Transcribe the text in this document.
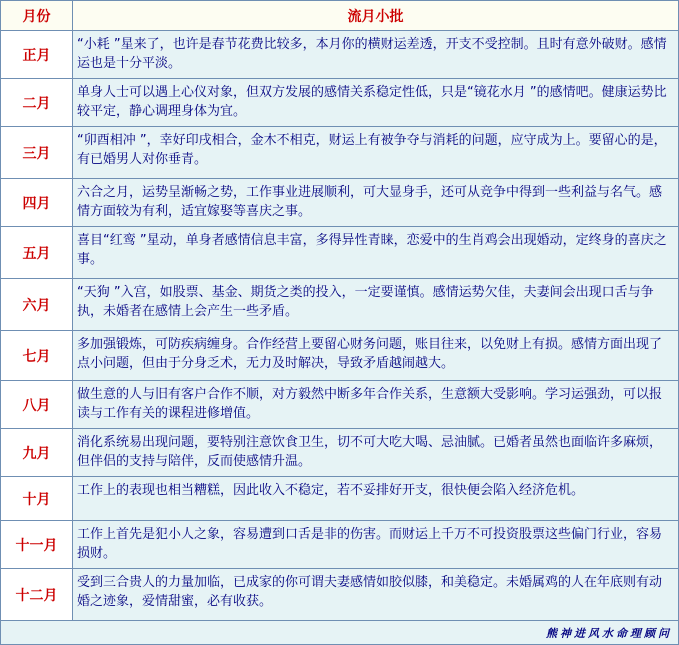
月份	流月小批
正月
“小耗 ”星来了，也许是春节花费比较多，本月你的横财运差透，开支不受控制。且时有意外破财。感情运也是十分平淡。
二月
单身人士可以遇上心仪对象，但双方发展的感情关系稳定性低，只是“镜花水月 ”的感情吧。健康运势比较平定，静心调理身体为宜。
三月
“卯酉相冲 ”，幸好印戌相合，金木不相克，财运上有被争夺与消耗的问题，应守成为上。要留心的是，有已婚男人对你垂青。
四月
六合之月，运势呈渐畅之势，工作事业进展顺利，可大显身手，还可从竞争中得到一些利益与名气。感情方面较为有利，适宜嫁娶等喜庆之事。
五月
喜目“红鸾 ”星动，单身者感情信息丰富，多得异性青睐，恋爱中的生肖鸡会出现婚动，定终身的喜庆之事。
六月
“天狗 ”入宫，如股票、基金、期货之类的投入，一定要谨慎。感情运势欠佳，夫妻间会出现口舌与争执，未婚者在感情上会产生一些矛盾。
七月
多加强锻炼，可防疾病缠身。合作经营上要留心财务问题，账目往来，以免财上有损。感情方面出现了点小问题，但由于分身乏术，无力及时解决，导致矛盾越闹越大。
八月
做生意的人与旧有客户合作不顺，对方毅然中断多年合作关系，生意额大受影响。学习运强劲，可以报读与工作有关的课程进修增值。
九月
消化系统易出现问题，要特别注意饮食卫生，切不可大吃大喝、忌油腻。已婚者虽然也面临许多麻烦，但伴侣的支持与陪伴，反而使感情升温。
十月
工作上的表现也相当糟糕，因此收入不稳定，若不妥排好开支，很快便会陷入经济危机。
十一月
工作上首先是犯小人之象，容易遭到口舌是非的伤害。而财运上千万不可投资股票这些偏门行业，容易损财。
十二月
受到三合贵人的力量加临，已成家的你可谓夫妻感情如胶似膝，和美稳定。未婚属鸡的人在年底则有动婚之迹象，爱情甜蜜，必有收获。
熊神进风水命理顾问
